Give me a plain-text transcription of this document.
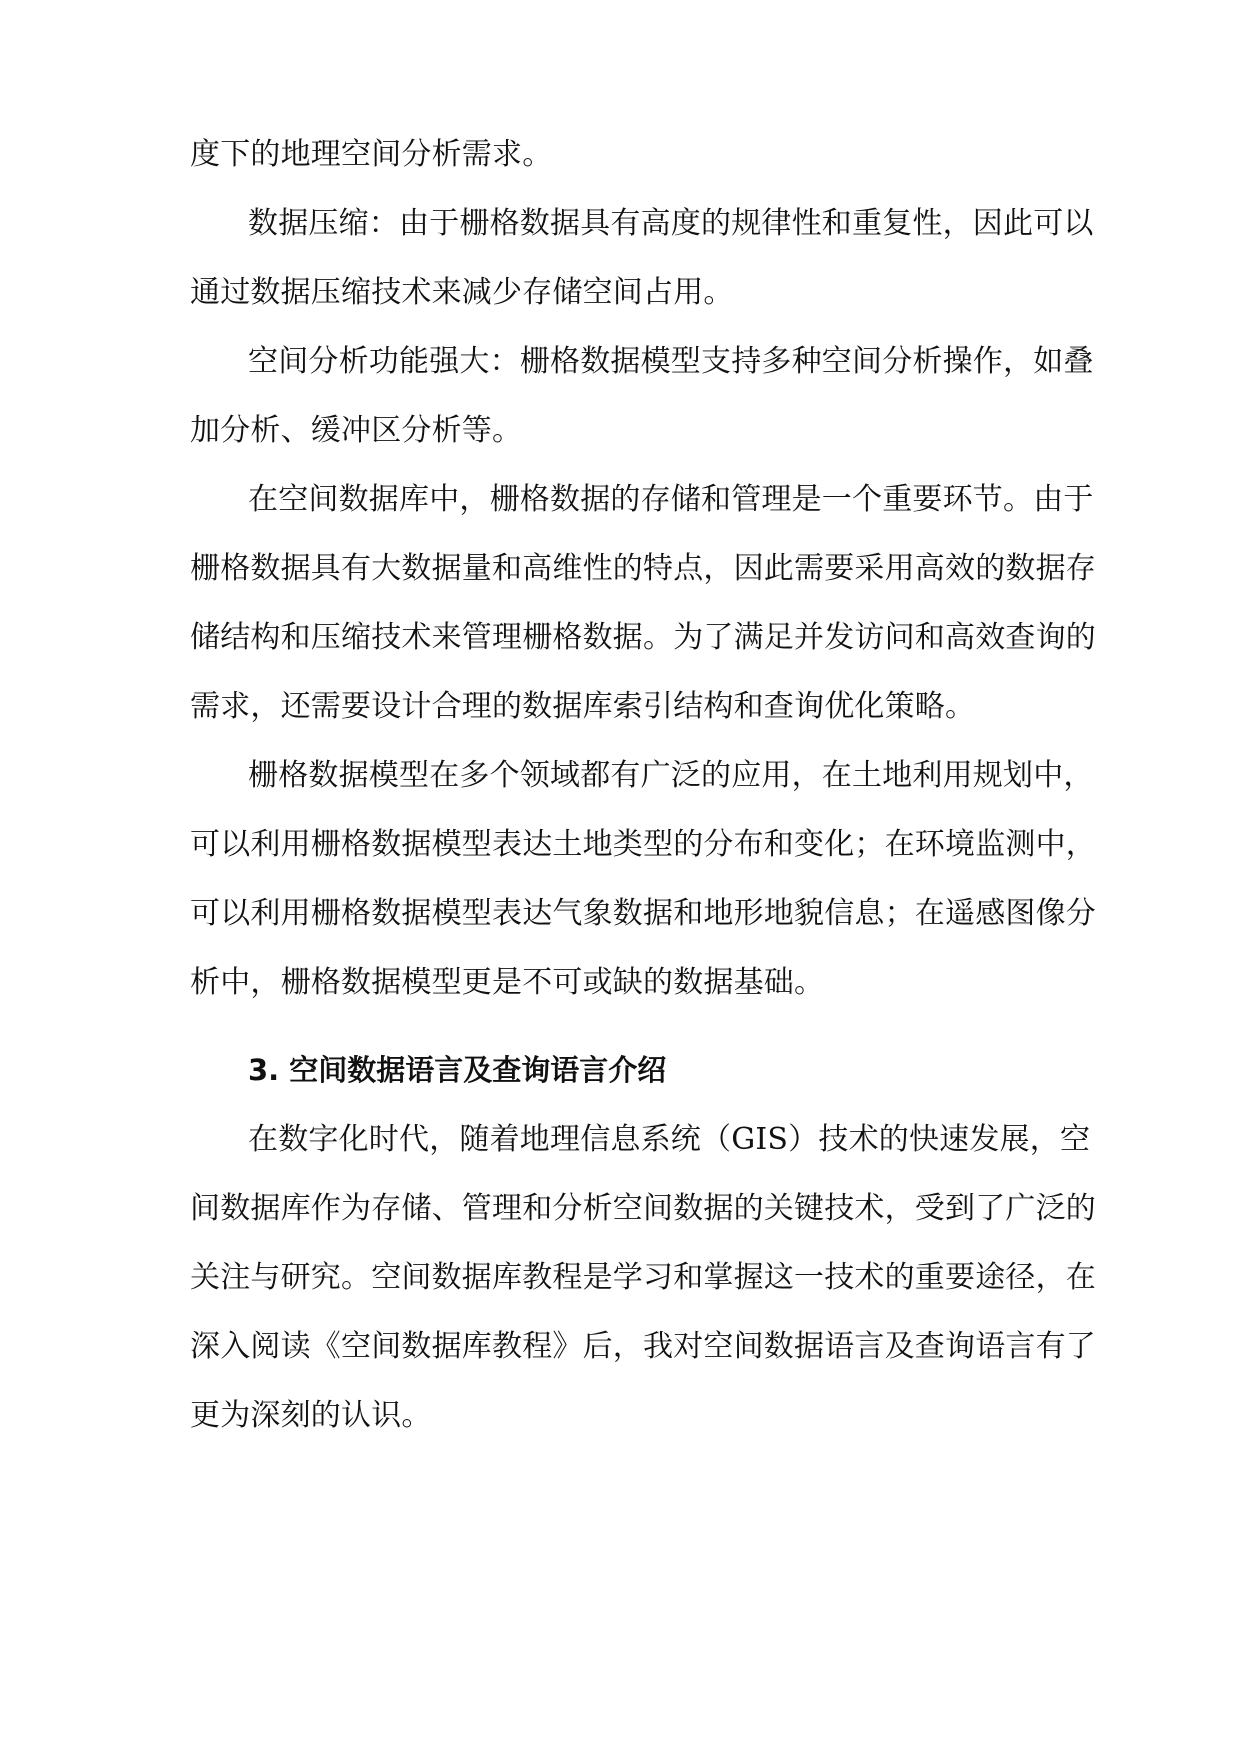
度下的地理空间分析需求。

数据压缩：由于栅格数据具有高度的规律性和重复性，因此可以

通过数据压缩技术来减少存储空间占用。

空间分析功能强大：栅格数据模型支持多种空间分析操作，如叠

加分析、缓冲区分析等。

在空间数据库中，栅格数据的存储和管理是一个重要环节。由于

栅格数据具有大数据量和高维性的特点，因此需要采用高效的数据存

储结构和压缩技术来管理栅格数据。为了满足并发访问和高效查询的

需求，还需要设计合理的数据库索引结构和查询优化策略。

栅格数据模型在多个领域都有广泛的应用，在土地利用规划中，

可以利用栅格数据模型表达土地类型的分布和变化；在环境监测中，

可以利用栅格数据模型表达气象数据和地形地貌信息；在遥感图像分

析中，栅格数据模型更是不可或缺的数据基础。

3. 空间数据语言及查询语言介绍

在数字化时代，随着地理信息系统（GIS）技术的快速发展，空

间数据库作为存储、管理和分析空间数据的关键技术，受到了广泛的

关注与研究。空间数据库教程是学习和掌握这一技术的重要途径，在

深入阅读《空间数据库教程》后，我对空间数据语言及查询语言有了

更为深刻的认识。
